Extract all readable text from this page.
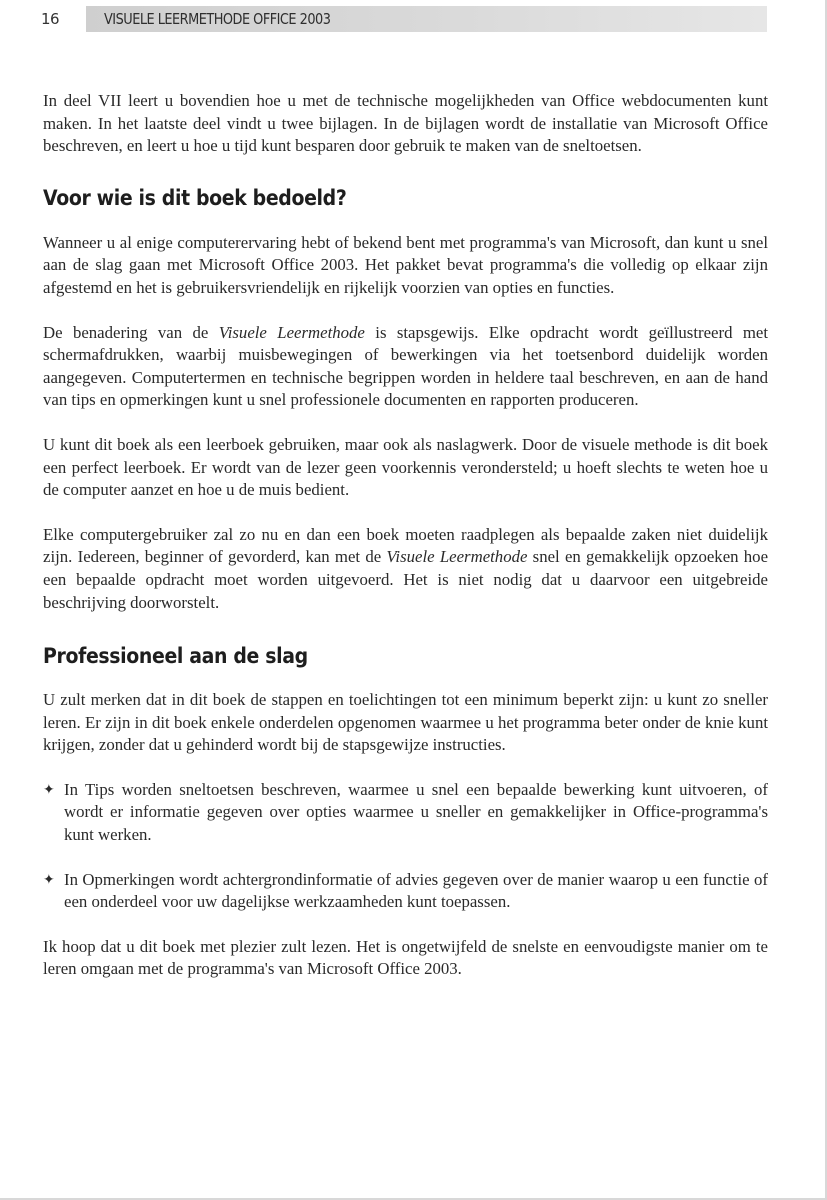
16	VISUELE LEERMETHODE OFFICE 2003

In deel VII leert u bovendien hoe u met de technische mogelijkheden van Office webdocumenten kunt maken. In het laatste deel vindt u twee bijlagen. In de bijlagen wordt de installatie van Microsoft Office beschreven, en leert u hoe u tijd kunt besparen door gebruik te maken van de sneltoetsen.

Voor wie is dit boek bedoeld?

Wanneer u al enige computerervaring hebt of bekend bent met programma's van Microsoft, dan kunt u snel aan de slag gaan met Microsoft Office 2003. Het pakket bevat programma's die volledig op elkaar zijn afgestemd en het is gebruikersvriendelijk en rijkelijk voorzien van opties en functies.

De benadering van de Visuele Leermethode is stapsgewijs. Elke opdracht wordt geïllustreerd met schermafdrukken, waarbij muisbewegingen of bewerkingen via het toetsenbord duidelijk worden aangegeven. Computertermen en technische begrippen worden in heldere taal beschreven, en aan de hand van tips en opmerkingen kunt u snel professionele documenten en rapporten produceren.

U kunt dit boek als een leerboek gebruiken, maar ook als naslagwerk. Door de visuele methode is dit boek een perfect leerboek. Er wordt van de lezer geen voorkennis verondersteld; u hoeft slechts te weten hoe u de computer aanzet en hoe u de muis bedient.

Elke computergebruiker zal zo nu en dan een boek moeten raadplegen als bepaalde zaken niet duidelijk zijn. Iedereen, beginner of gevorderd, kan met de Visuele Leermethode snel en gemakkelijk opzoeken hoe een bepaalde opdracht moet worden uitgevoerd. Het is niet nodig dat u daarvoor een uitgebreide beschrijving doorworstelt.

Professioneel aan de slag

U zult merken dat in dit boek de stappen en toelichtingen tot een minimum beperkt zijn: u kunt zo sneller leren. Er zijn in dit boek enkele onderdelen opgenomen waarmee u het programma beter onder de knie kunt krijgen, zonder dat u gehinderd wordt bij de stapsgewijze instructies.

✦ In Tips worden sneltoetsen beschreven, waarmee u snel een bepaalde bewerking kunt uitvoeren, of wordt er informatie gegeven over opties waarmee u sneller en gemakkelijker in Office-programma's kunt werken.

✦ In Opmerkingen wordt achtergrondinformatie of advies gegeven over de manier waarop u een functie of een onderdeel voor uw dagelijkse werkzaamheden kunt toepassen.

Ik hoop dat u dit boek met plezier zult lezen. Het is ongetwijfeld de snelste en eenvoudigste manier om te leren omgaan met de programma's van Microsoft Office 2003.
